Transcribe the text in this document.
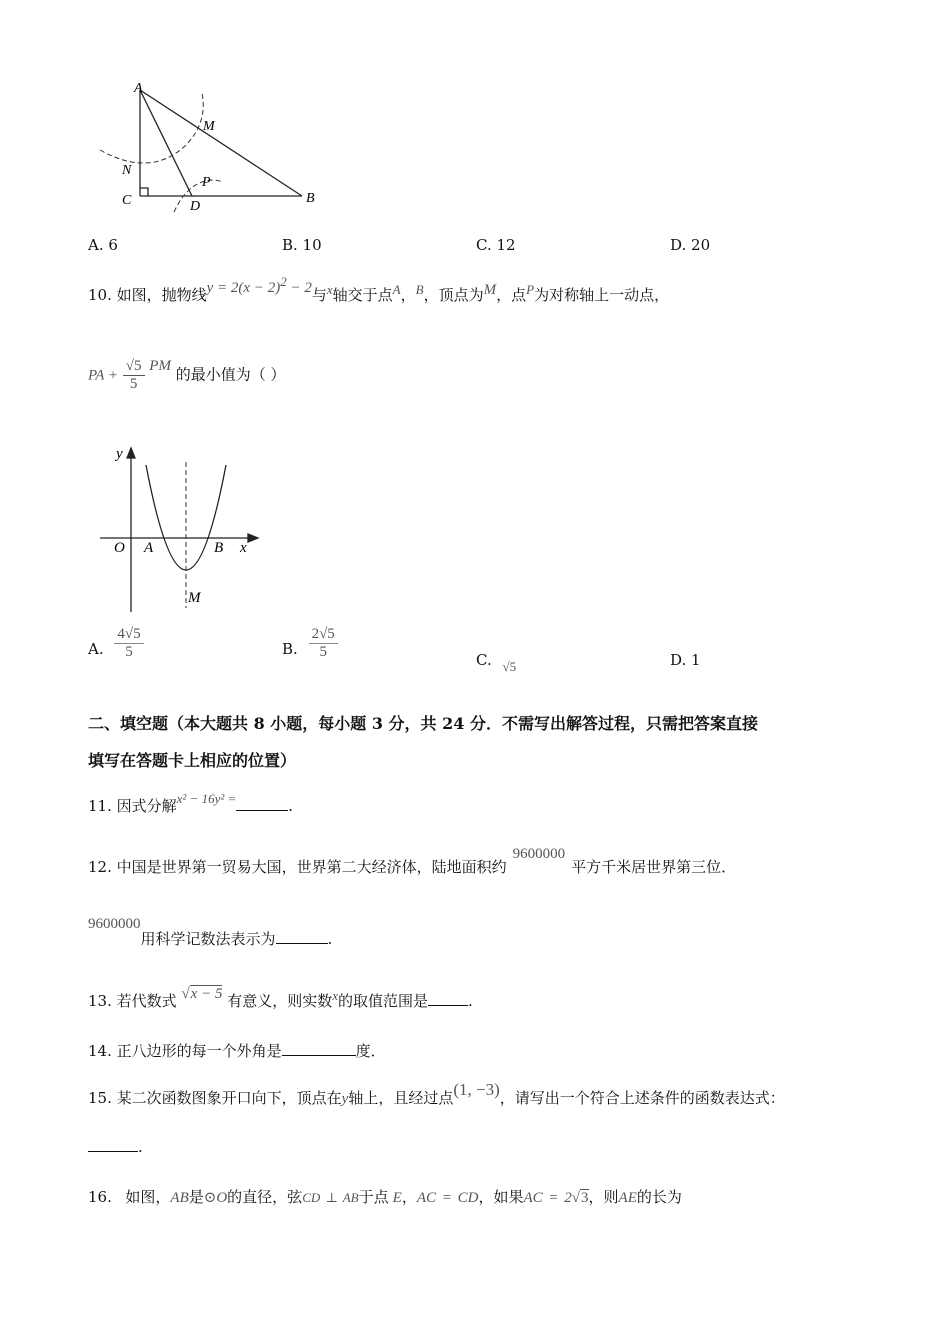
A
M
N
P
C	D
B
A. 6	B. 10	C. 12	D. 20
10. 如图，抛物线$y = 2(x - 2)^2 - 2$与x轴交于点A，B，顶点为M，点P为对称轴上一动点，
PA + $\frac{√5}{5}$ PM 的最小值为（ ）
y
O A	B x
M
A. $\frac{4√5}{5}$	B. $\frac{2√5}{5}$	C. √5	D. 1
二、填空题（本大题共 8 小题，每小题 3 分，共 24 分．不需写出解答过程，只需把答案直接
填写在答题卡上相应的位置）
11. 因式分解x² − 16y² =	.
12. 中国是世界第一贸易大国，世界第二大经济体，陆地面积约9600000平方千米居世界第三位．
9600000用科学记数法表示为	.
13. 若代数式 √x − 5 有意义，则实数x的取值范围是	.
14. 正八边形的每一个外角是	度．
15. 某二次函数图象开口向下，顶点在y轴上，且经过点(1, −3)，请写出一个符合上述条件的函数表达式：
.
16. 如图，AB是⊙O的直径，弦CD ⊥ AB于点 E，AC = CD，如果AC = 2√3，则AE的长为
